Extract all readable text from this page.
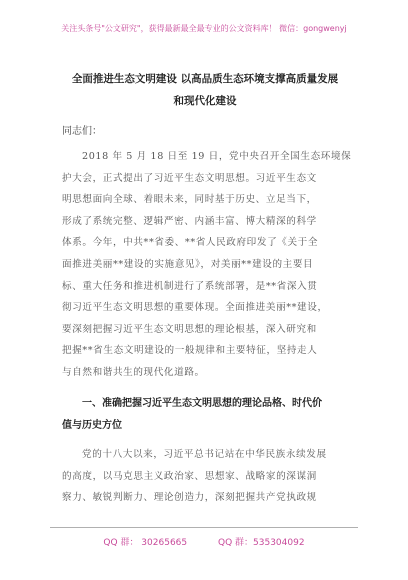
关注头条号"公文研究"，获得最新最全最专业的公文资料库！ 微信：gongwenyj
全面推进生态文明建设 以高品质生态环境支撑高质量发展
和现代化建设
同志们：

2018 年 5 月 18 日至 19 日，党中央召开全国生态环境保
护大会，正式提出了习近平生态文明思想。习近平生态文
明思想面向全球、着眼未来，同时基于历史、立足当下，
形成了系统完整、逻辑严密、内涵丰富、博大精深的科学
体系。今年，中共**省委、**省人民政府印发了《关于全
面推进美丽**建设的实施意见》，对美丽**建设的主要目
标、重大任务和推进机制进行了系统部署，是**省深入贯
彻习近平生态文明思想的重要体现。全面推进美丽**建设，
要深刻把握习近平生态文明思想的理论根基，深入研究和
把握**省生态文明建设的一般规律和主要特征，坚持走人
与自然和谐共生的现代化道路。

一、准确把握习近平生态文明思想的理论品格、时代价
值与历史方位

党的十八大以来，习近平总书记站在中华民族永续发展
的高度，以马克思主义政治家、思想家、战略家的深谋洞
察力、敏锐判断力、理论创造力，深刻把握共产党执政规

QQ 群： 30265665	QQ 群：535304092
